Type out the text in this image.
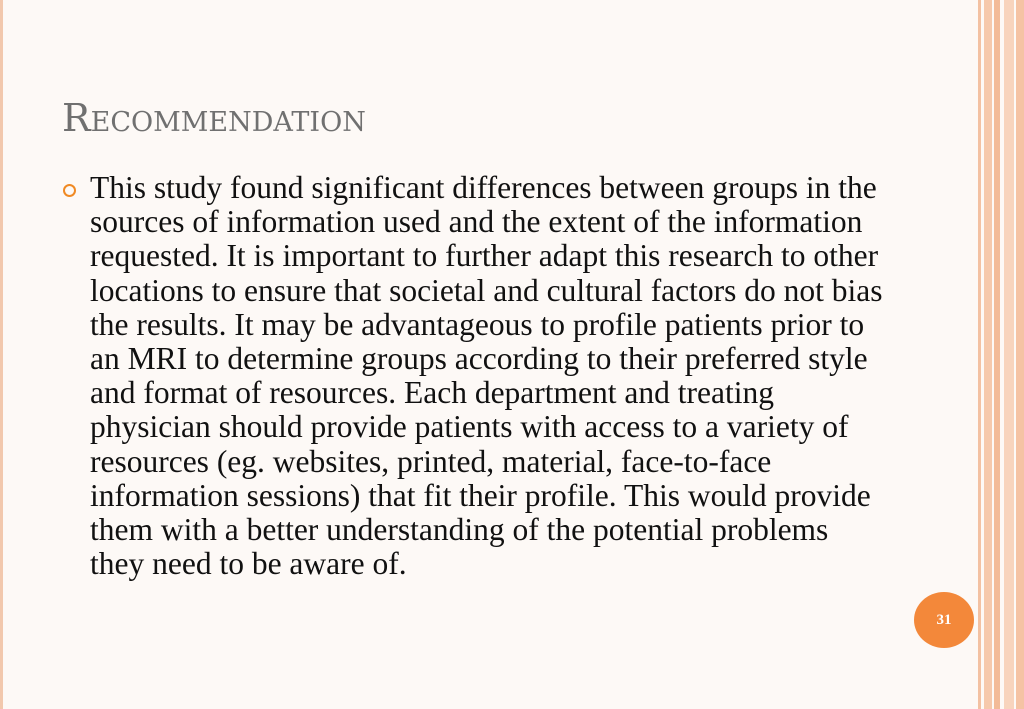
Recommendation

This study found significant differences between groups in the sources of information used and the extent of the information requested. It is important to further adapt this research to other locations to ensure that societal and cultural factors do not bias the results. It may be advantageous to profile patients prior to an MRI to determine groups according to their preferred style and format of resources. Each department and treating physician should provide patients with access to a variety of resources (eg. websites, printed, material, face-to-face information sessions) that fit their profile. This would provide them with a better understanding of the potential problems they need to be aware of.

31
